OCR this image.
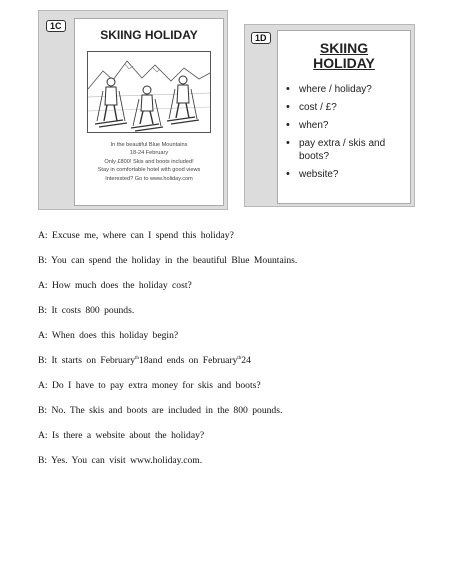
1C
SKIING HOLIDAY
In the beautiful Blue Mountains
18-24 February
Only £800! Skis and boots included!
Stay in comfortable hotel with good views
Interested? Go to www.holiday.com
1D
SKIING
HOLIDAY
• where / holiday?
• cost / £?
• when?
• pay extra / skis and boots?
• website?
A: Excuse me, where can I spend this holiday?
B: You can spend the holiday in the beautiful Blue Mountains.
A: How much does the holiday cost?
B: It costs 800 pounds.
A: When does this holiday begin?
B: It starts on February$^{th}$18and ends on February$^{th}$24
A: Do I have to pay extra money for skis and boots?
B: No. The skis and boots are included in the 800 pounds.
A: Is there a website about the holiday?
B: Yes. You can visit www.holiday.com.
